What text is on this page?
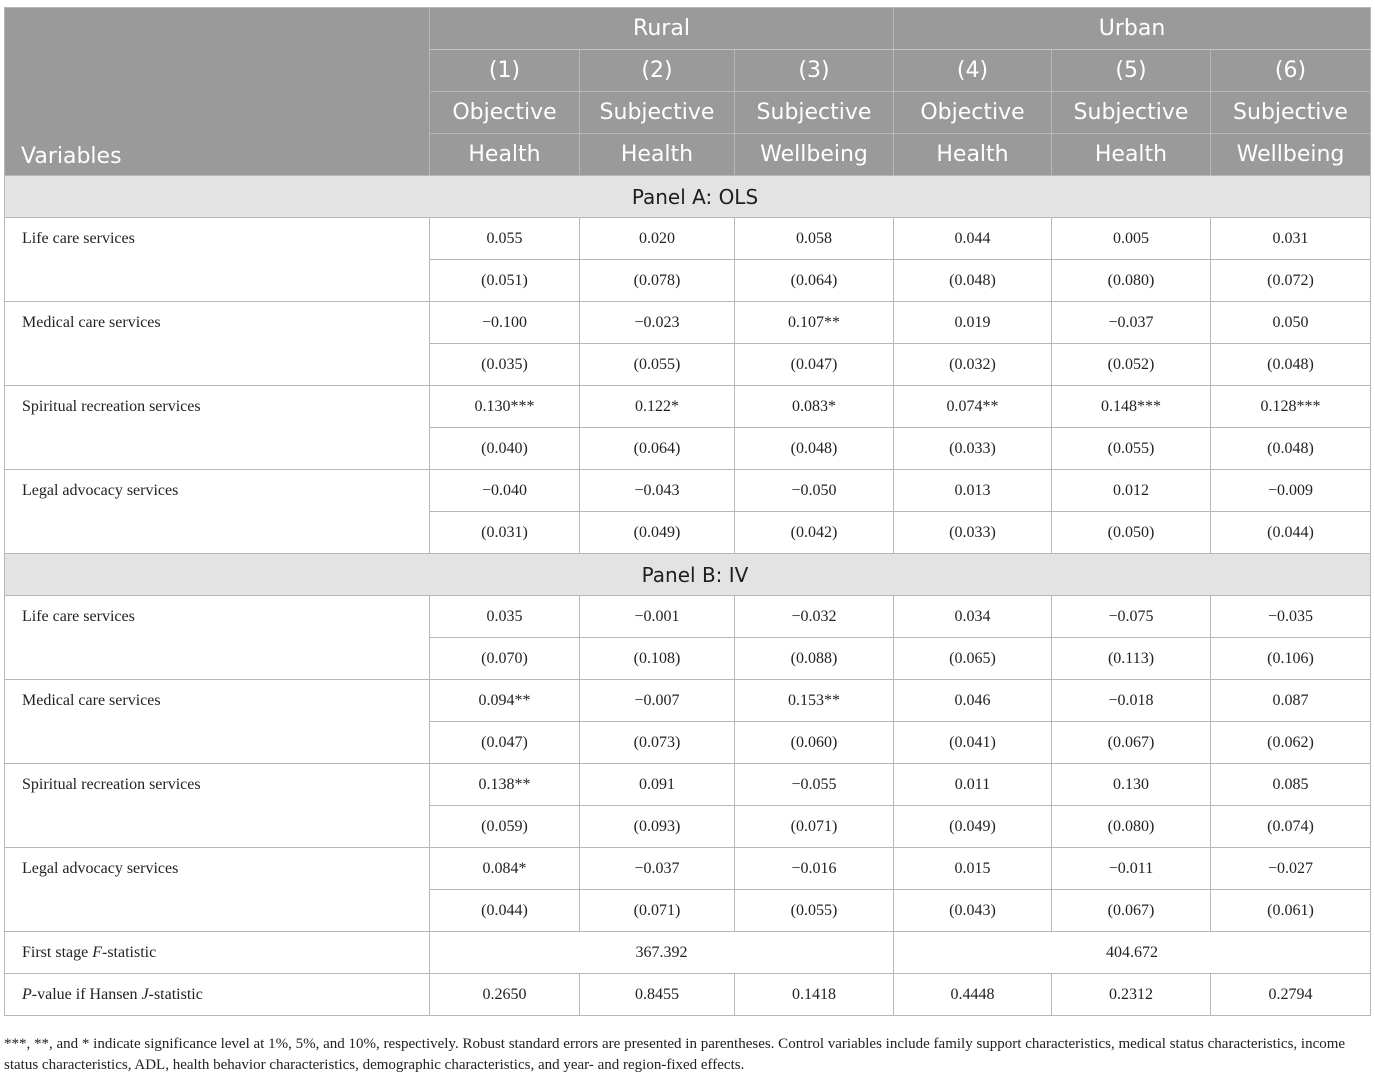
Variables	Rural			Urban		
	(1)	(2)	(3)	(4)	(5)	(6)
	Objective	Subjective	Subjective	Objective	Subjective	Subjective
	Health	Health	Wellbeing	Health	Health	Wellbeing
Panel A: OLS						
Life care services	0.055	0.020	0.058	0.044	0.005	0.031
	(0.051)	(0.078)	(0.064)	(0.048)	(0.080)	(0.072)
Medical care services	−0.100	−0.023	0.107**	0.019	−0.037	0.050
	(0.035)	(0.055)	(0.047)	(0.032)	(0.052)	(0.048)
Spiritual recreation services	0.130***	0.122*	0.083*	0.074**	0.148***	0.128***
	(0.040)	(0.064)	(0.048)	(0.033)	(0.055)	(0.048)
Legal advocacy services	−0.040	−0.043	−0.050	0.013	0.012	−0.009
	(0.031)	(0.049)	(0.042)	(0.033)	(0.050)	(0.044)
Panel B: IV						
Life care services	0.035	−0.001	−0.032	0.034	−0.075	−0.035
	(0.070)	(0.108)	(0.088)	(0.065)	(0.113)	(0.106)
Medical care services	0.094**	−0.007	0.153**	0.046	−0.018	0.087
	(0.047)	(0.073)	(0.060)	(0.041)	(0.067)	(0.062)
Spiritual recreation services	0.138**	0.091	−0.055	0.011	0.130	0.085
	(0.059)	(0.093)	(0.071)	(0.049)	(0.080)	(0.074)
Legal advocacy services	0.084*	−0.037	−0.016	0.015	−0.011	−0.027
	(0.044)	(0.071)	(0.055)	(0.043)	(0.067)	(0.061)
First stage F-statistic	367.392			404.672		
P-value if Hansen J-statistic	0.2650	0.8455	0.1418	0.4448	0.2312	0.2794
***, **, and * indicate significance level at 1%, 5%, and 10%, respectively. Robust standard errors are presented in parentheses. Control variables include family support characteristics, medical status characteristics, income status characteristics, ADL, health behavior characteristics, demographic characteristics, and year- and region-fixed effects.
